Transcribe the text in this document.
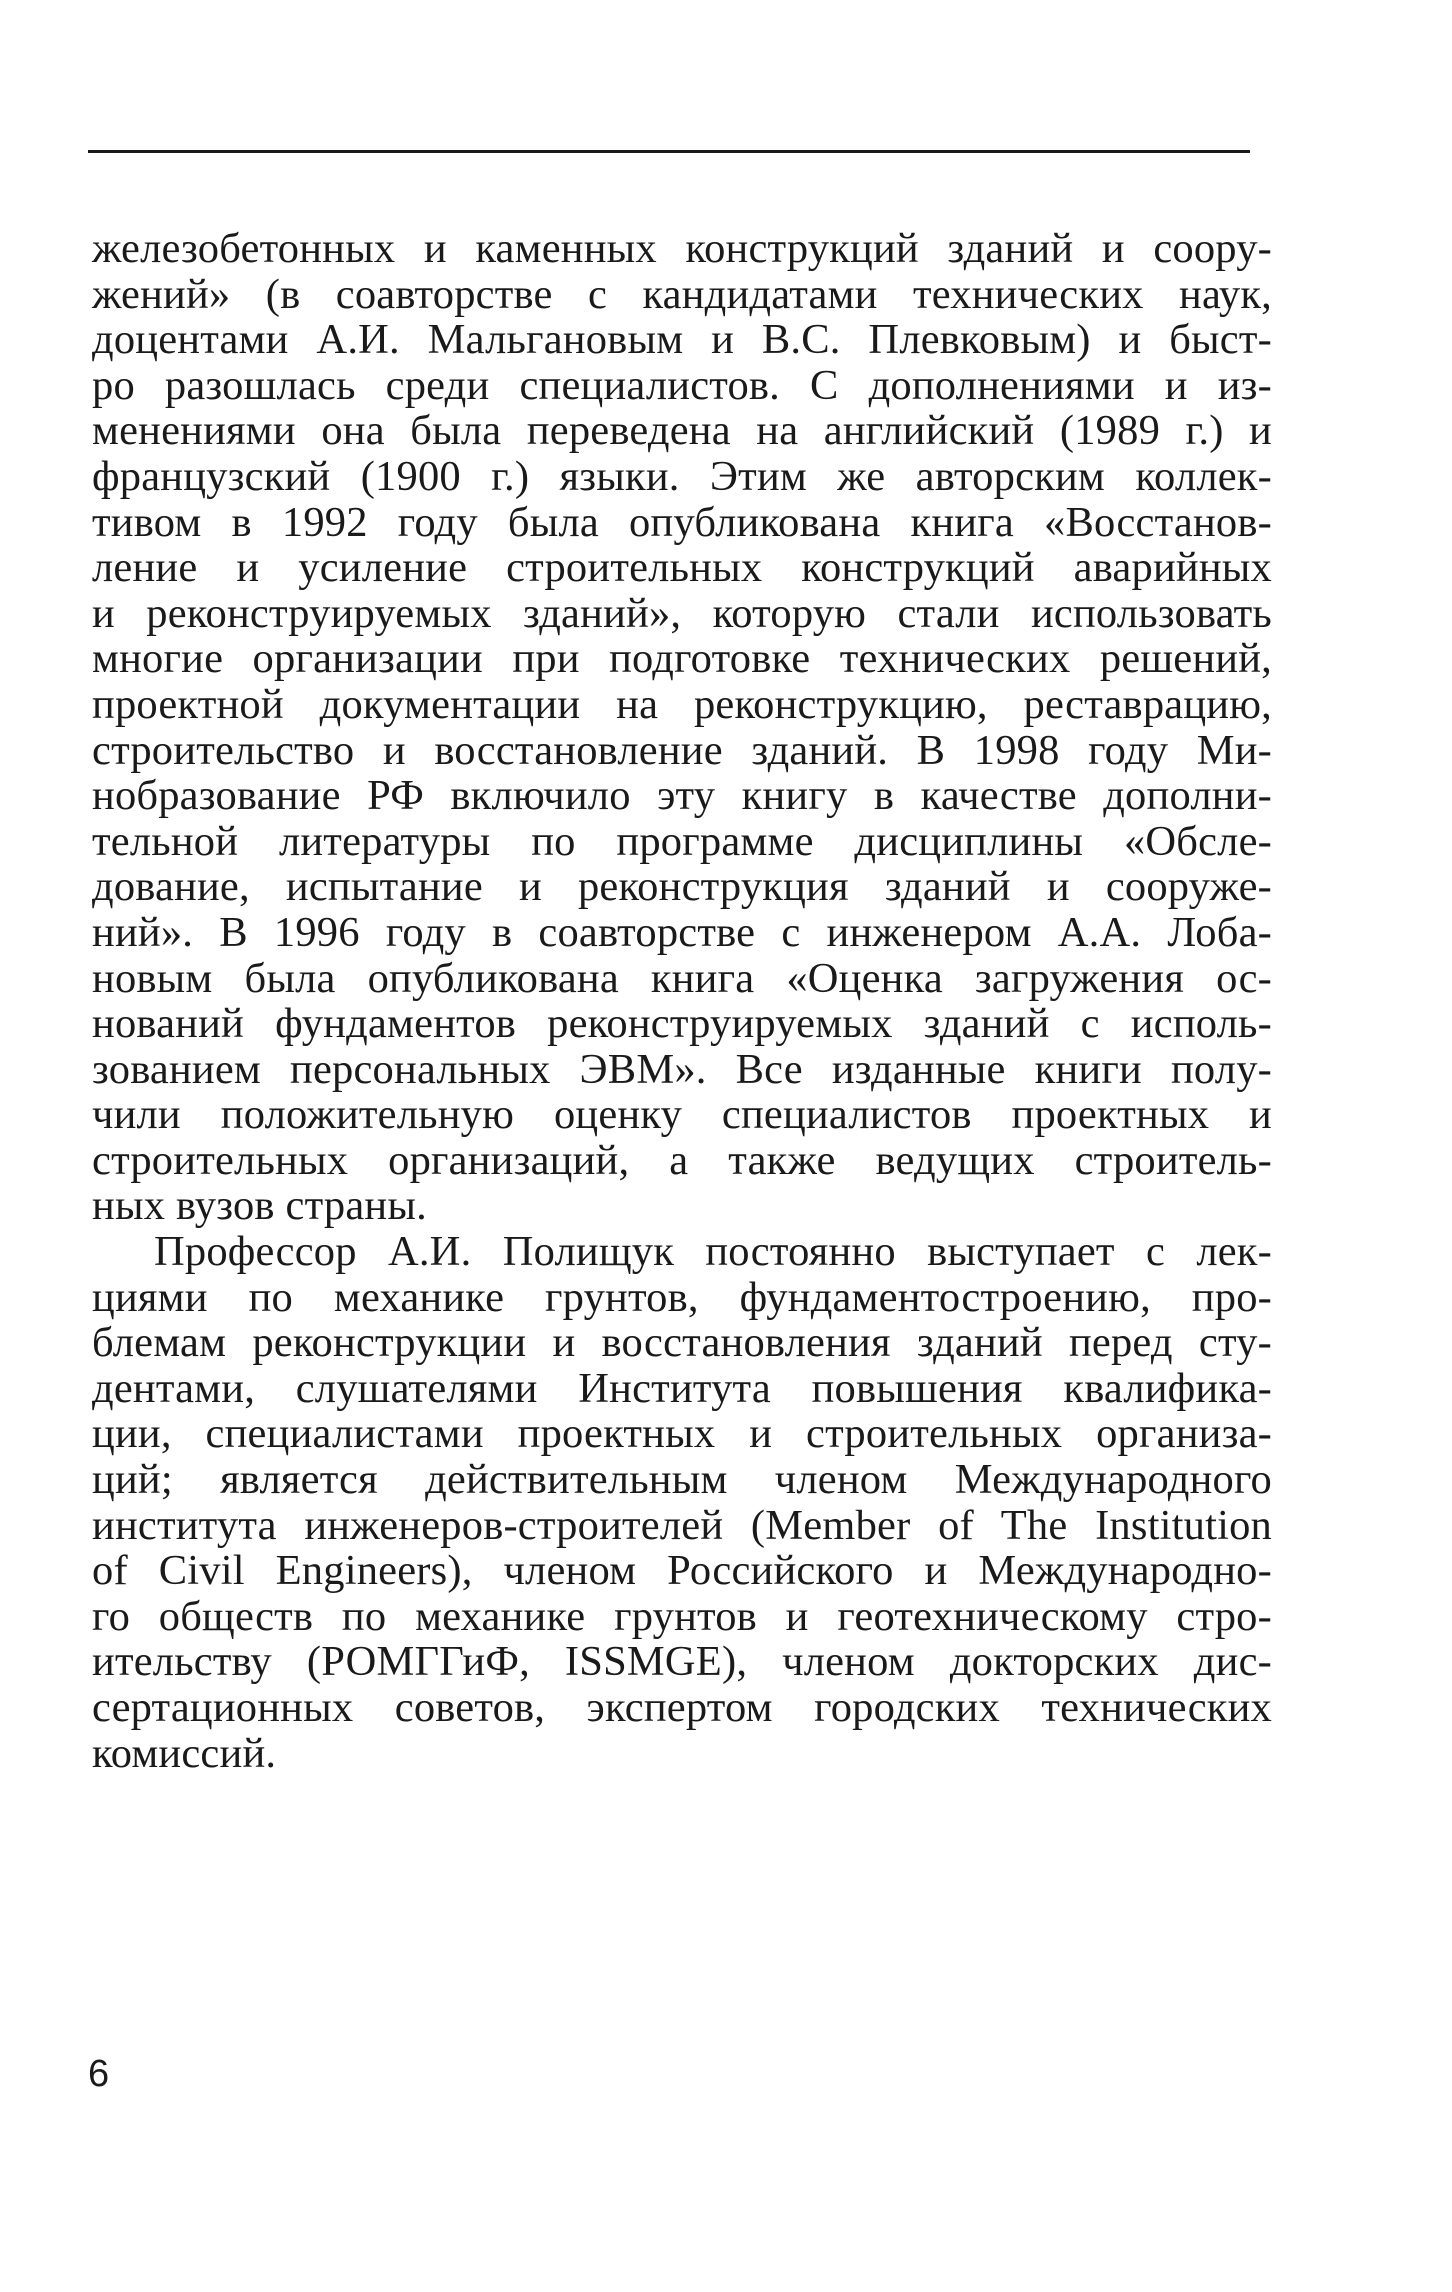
железобетонных и каменных конструкций зданий и соору-
жений» (в соавторстве с кандидатами технических наук,
доцентами А.И. Мальгановым и В.С. Плевковым) и быст-
ро разошлась среди специалистов. С дополнениями и из-
менениями она была переведена на английский (1989 г.) и
французский (1900 г.) языки. Этим же авторским коллек-
тивом в 1992 году была опубликована книга «Восстанов-
ление и усиление строительных конструкций аварийных
и реконструируемых зданий», которую стали использовать
многие организации при подготовке технических решений,
проектной документации на реконструкцию, реставрацию,
строительство и восстановление зданий. В 1998 году Ми-
нобразование РФ включило эту книгу в качестве дополни-
тельной литературы по программе дисциплины «Обсле-
дование, испытание и реконструкция зданий и сооруже-
ний». В 1996 году в соавторстве с инженером А.А. Лоба-
новым была опубликована книга «Оценка загружения ос-
нований фундаментов реконструируемых зданий с исполь-
зованием персональных ЭВМ». Все изданные книги полу-
чили положительную оценку специалистов проектных и
строительных организаций, а также ведущих строитель-
ных вузов страны.

Профессор А.И. Полищук постоянно выступает с лек-
циями по механике грунтов, фундаментостроению, про-
блемам реконструкции и восстановления зданий перед сту-
дентами, слушателями Института повышения квалифика-
ции, специалистами проектных и строительных организа-
ций; является действительным членом Международного
института инженеров-строителей (Member of The Institution
of Civil Engineers), членом Российского и Международно-
го обществ по механике грунтов и геотехническому стро-
ительству (РОМГГиФ, ISSMGE), членом докторских дис-
сертационных советов, экспертом городских технических
комиссий.

6
